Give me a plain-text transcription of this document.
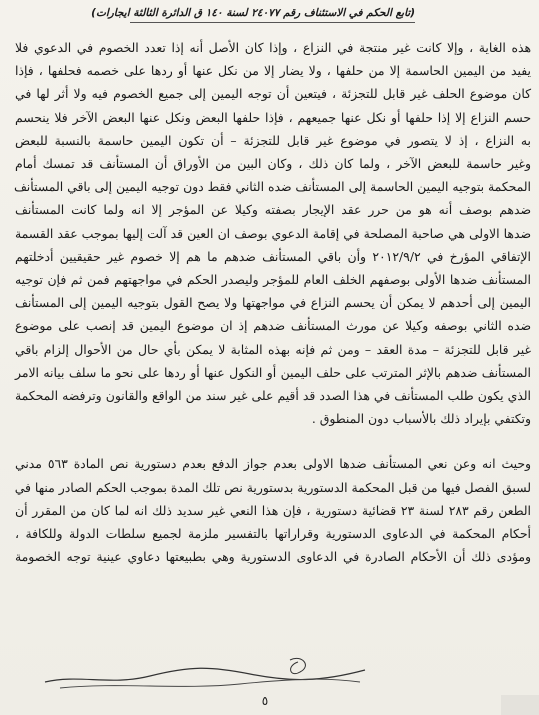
(تابع الحكم في الاستئناف رقم ٢٤٠٧٧ لسنة ١٤٠ ق الدائرة الثالثة ايجارات)

هذه الغاية ، وإلا كانت غير منتجة في النزاع ، وإذا كان الأصل أنه إذا تعدد الخصوم في الدعوي فلا
يفيد من اليمين الحاسمة إلا من حلفها ، ولا يضار إلا من نكل عنها أو ردها على خصمه فحلفها ، فإذا
كان موضوع الحلف غير قابل للتجزئة ، فيتعين أن توجه اليمين إلى جميع الخصوم فيه ولا أثر لها في
حسم النزاع إلا إذا حلفها أو نكل عنها جميعهم ، فإذا حلفها البعض ونكل عنها البعض الآخر فلا ينحسم
به النزاع ، إذ لا يتصور في موضوع غير قابل للتجزئة – أن تكون اليمين حاسمة بالنسبة للبعض
وغير حاسمة للبعض الآخر ، ولما كان ذلك ، وكان البين من الأوراق أن المستأنف قد تمسك أمام
المحكمة بتوجيه اليمين الحاسمة إلى المستأنف ضده الثاني فقط دون توجيه اليمين إلى باقي المستأنف
ضدهم بوصف أنه هو من حرر عقد الإيجار بصفته وكيلا عن المؤجر إلا انه ولما كانت المستأنف
ضدها الاولى هي صاحبة المصلحة في إقامة الدعوي بوصف ان العين قد آلت إليها بموجب عقد القسمة
الإتفاقي المؤرخ في ٢٠١٢/٩/٢ وأن باقي المستأنف ضدهم ما هم إلا خصوم غير حقيقيين أدخلتهم
المستأنف ضدها الأولى بوصفهم الخلف العام للمؤجر وليصدر الحكم في مواجهتهم فمن ثم فإن توجيه
اليمين إلى أحدهم لا يمكن أن يحسم النزاع في مواجهتها ولا يصح القول بتوجيه اليمين إلى المستأنف
ضده الثاني بوصفه وكيلا عن مورث المستأنف ضدهم إذ ان موضوع اليمين قد إنصب على موضوع
غير قابل للتجزئة – مدة العقد – ومن ثم فإنه بهذه المثابة لا يمكن بأي حال من الأحوال إلزام باقي
المستأنف ضدهم بالإثر المترتب على حلف اليمين أو النكول عنها أو ردها على نحو ما سلف بيانه الامر
الذي يكون طلب المستأنف في هذا الصدد قد أقيم على غير سند من الواقع والقانون وترفضه المحكمة
وتكتفي بإيراد ذلك بالأسباب دون المنطوق .

وحيث انه وعن نعي المستأنف ضدها الاولى بعدم جواز الدفع بعدم دستورية نص المادة ٥٦٣ مدني
لسبق الفصل فيها من قبل المحكمة الدستورية بدستورية نص تلك المدة بموجب الحكم الصادر منها في
الطعن رقم ٢٨٣ لسنة ٢٣ قضائية دستورية ، فإن هذا النعي غير سديد ذلك انه لما كان من المقرر أن
أحكام المحكمة في الدعاوى الدستورية وقراراتها بالتفسير ملزمة لجميع سلطات الدولة وللكافة ،
ومؤدى ذلك أن الأحكام الصادرة في الدعاوى الدستورية وهي بطبيعتها دعاوي عينية توجه الخصومة

٥
